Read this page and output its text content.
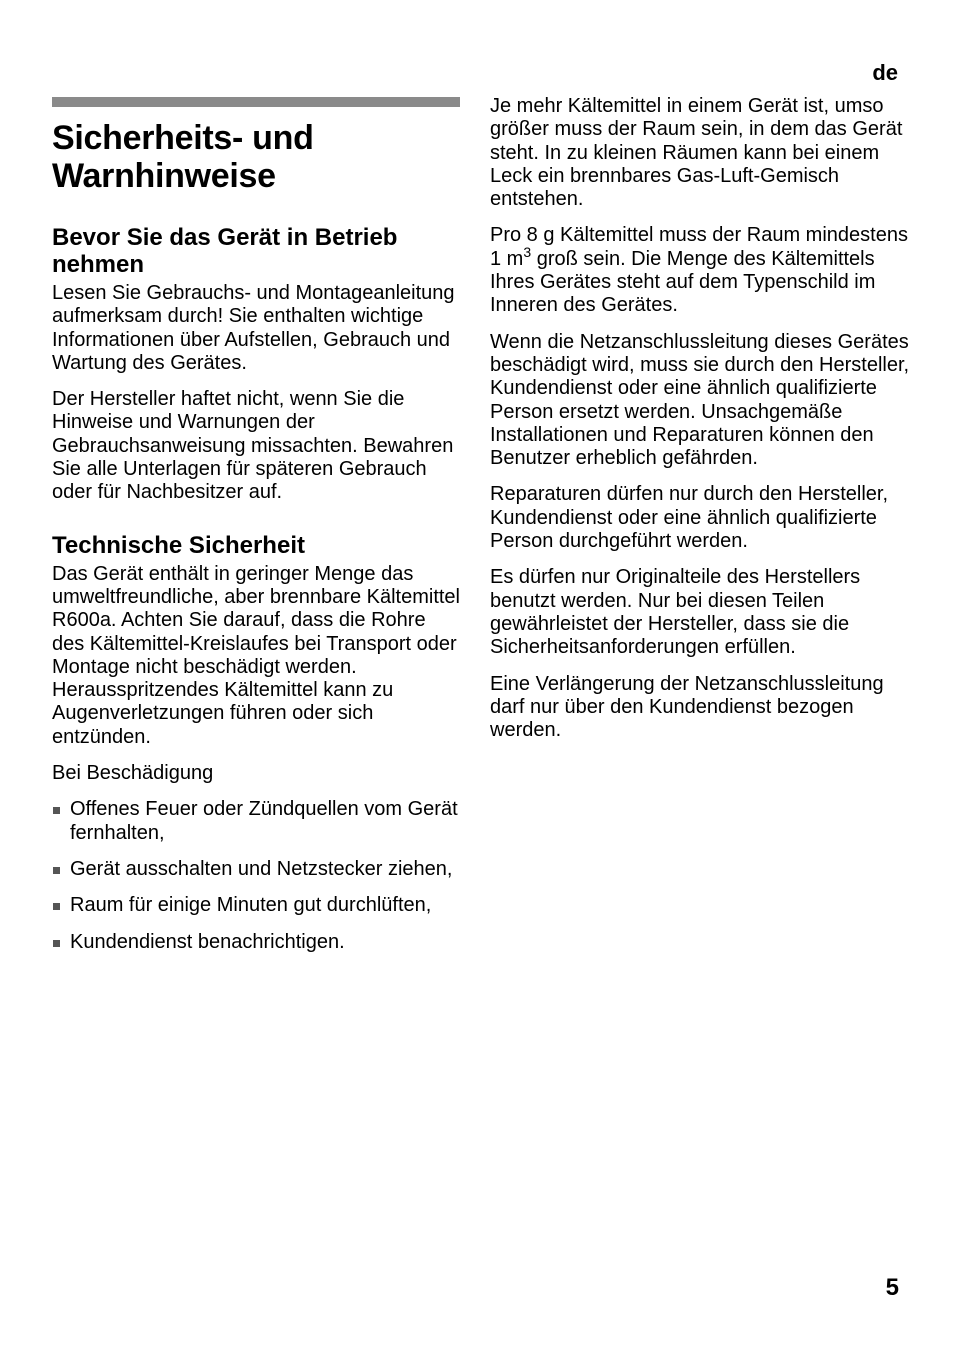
de
Sicherheits- und
Warnhinweise
Bevor Sie das Gerät in Betrieb nehmen

Lesen Sie Gebrauchs- und Montageanleitung aufmerksam durch! Sie enthalten wichtige Informationen über Aufstellen, Gebrauch und Wartung des Gerätes.

Der Hersteller haftet nicht, wenn Sie die Hinweise und Warnungen der Gebrauchsanweisung missachten. Bewahren Sie alle Unterlagen für späteren Gebrauch oder für Nachbesitzer auf.

Technische Sicherheit

Das Gerät enthält in geringer Menge das umweltfreundliche, aber brennbare Kältemittel R600a. Achten Sie darauf, dass die Rohre des Kältemittel-Kreislaufes bei Transport oder Montage nicht beschädigt werden. Herausspritzendes Kältemittel kann zu Augenverletzungen führen oder sich entzünden.

Bei Beschädigung

Offenes Feuer oder Zündquellen vom Gerät fernhalten,
Gerät ausschalten und Netzstecker ziehen,
Raum für einige Minuten gut durchlüften,
Kundendienst benachrichtigen.

Je mehr Kältemittel in einem Gerät ist, umso größer muss der Raum sein, in dem das Gerät steht. In zu kleinen Räumen kann bei einem Leck ein brennbares Gas-Luft-Gemisch entstehen.

Pro 8 g Kältemittel muss der Raum mindestens 1 $m^3$ groß sein. Die Menge des Kältemittels Ihres Gerätes steht auf dem Typenschild im Inneren des Gerätes.

Wenn die Netzanschlussleitung dieses Gerätes beschädigt wird, muss sie durch den Hersteller, Kundendienst oder eine ähnlich qualifizierte Person ersetzt werden. Unsachgemäße Installationen und Reparaturen können den Benutzer erheblich gefährden.

Reparaturen dürfen nur durch den Hersteller, Kundendienst oder eine ähnlich qualifizierte Person durchgeführt werden.

Es dürfen nur Originalteile des Herstellers benutzt werden. Nur bei diesen Teilen gewährleistet der Hersteller, dass sie die Sicherheitsanforderungen erfüllen.

Eine Verlängerung der Netzanschlussleitung darf nur über den Kundendienst bezogen werden.

5
